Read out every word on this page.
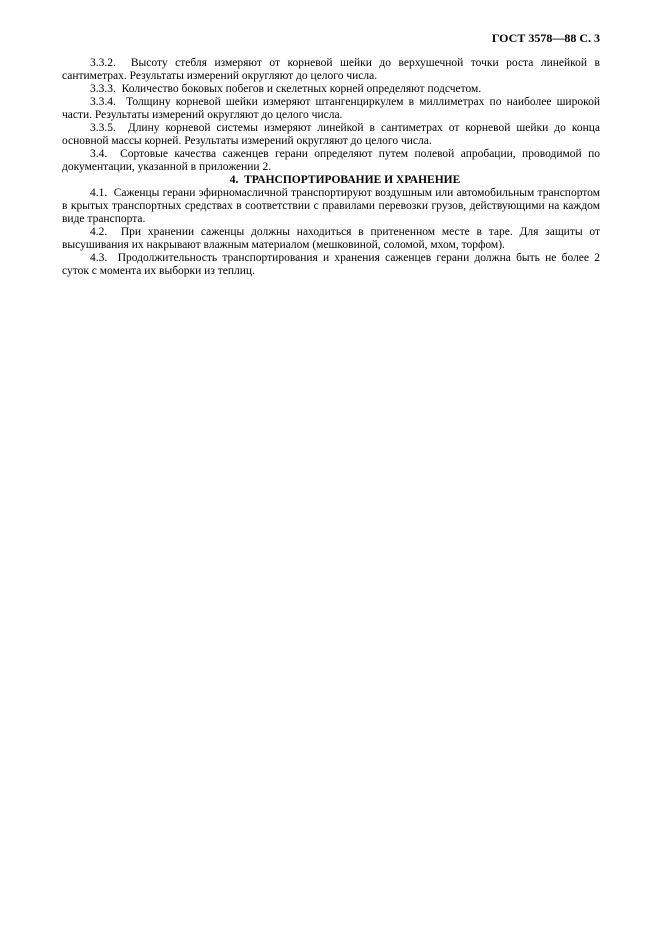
ГОСТ 3578—88 С. 3

3.3.2.  Высоту стебля измеряют от корневой шейки до верхушечной точки роста линейкой в сантиметрах. Результаты измерений округляют до целого числа.

3.3.3.  Количество боковых побегов и скелетных корней определяют подсчетом.

3.3.4.  Толщину корневой шейки измеряют штангенциркулем в миллиметрах по наиболее широкой части. Результаты измерений округляют до целого числа.

3.3.5.  Длину корневой системы измеряют линейкой в сантиметрах от корневой шейки до конца основной массы корней. Результаты измерений округляют до целого числа.

3.4.  Сортовые качества саженцев герани определяют путем полевой апробации, проводимой по документации, указанной в приложении 2.

4.  ТРАНСПОРТИРОВАНИЕ И ХРАНЕНИЕ

4.1.  Саженцы герани эфирномасличной транспортируют воздушным или автомобильным транспортом в крытых транспортных средствах в соответствии с правилами перевозки грузов, действующими на каждом виде транспорта.

4.2.  При хранении саженцы должны находиться в притененном месте в таре. Для защиты от высушивания их накрывают влажным материалом (мешковиной, соломой, мхом, торфом).

4.3.  Продолжительность транспортирования и хранения саженцев герани должна быть не более 2 суток с момента их выборки из теплиц.
